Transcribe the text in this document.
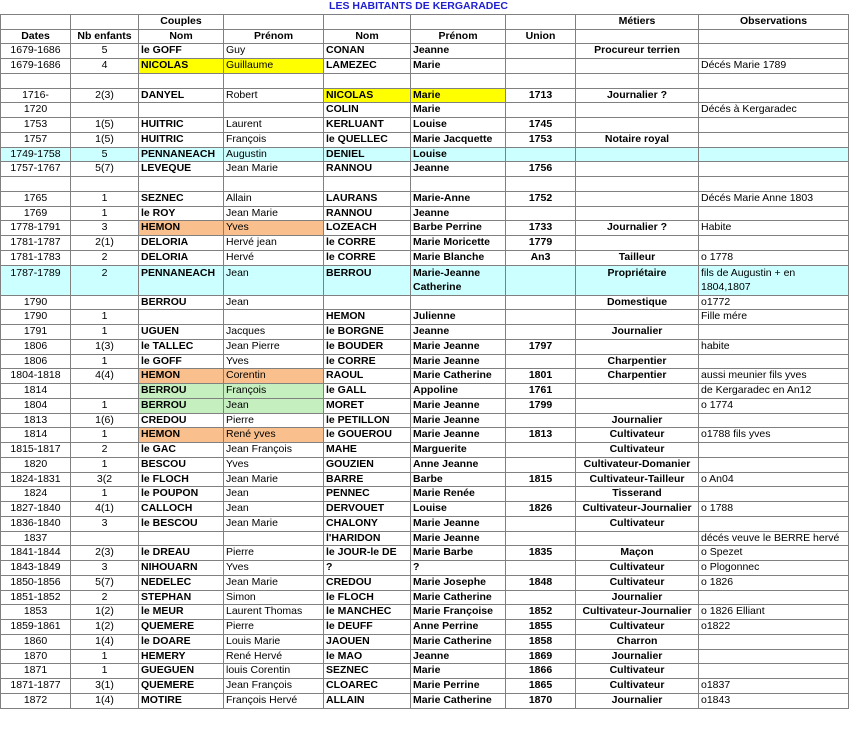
		LES HABITANTS DE KERGARADEC						
		Couples					Métiers	Observations
Dates	Nb enfants	Nom	Prénom	Nom	Prénom	Union		
1679-1686	5	le GOFF	Guy	CONAN	Jeanne		Procureur terrien	
1679-1686	4	NICOLAS	Guillaume	LAMEZEC	Marie			Décés Marie 1789

1716-	2(3)	DANYEL	Robert	NICOLAS	Marie	1713	Journalier ?	
1720				COLIN	Marie			Décés à Kergaradec
1753	1(5)	HUITRIC	Laurent	KERLUANT	Louise	1745		
1757	1(5)	HUITRIC	François	le QUELLEC	Marie Jacquette	1753	Notaire royal	
1749-1758	5	PENNANEACH	Augustin	DENIEL	Louise			
1757-1767	5(7)	LEVEQUE	Jean Marie	RANNOU	Jeanne	1756		

1765	1	SEZNEC	Allain	LAURANS	Marie-Anne	1752		Décés Marie Anne 1803
1769	1	le ROY	Jean Marie	RANNOU	Jeanne			
1778-1791	3	HEMON	Yves	LOZEACH	Barbe Perrine	1733	Journalier ?	Habite
1781-1787	2(1)	DELORIA	Hervé jean	le CORRE	Marie Moricette	1779		
1781-1783	2	DELORIA	Hervé	le CORRE	Marie Blanche	An3	Tailleur	o 1778
1787-1789	2	PENNANEACH	Jean	BERROU	Marie-Jeanne Catherine		Propriétaire	fils de Augustin + en 1804,1807
1790		BERROU	Jean				Domestique	o1772
1790	1			HEMON	Julienne			Fille mére
1791	1	UGUEN	Jacques	le BORGNE	Jeanne		Journalier	
1806	1(3)	le TALLEC	Jean Pierre	le BOUDER	Marie Jeanne	1797		habite
1806	1	le GOFF	Yves	le CORRE	Marie Jeanne		Charpentier	
1804-1818	4(4)	HEMON	Corentin	RAOUL	Marie Catherine	1801	Charpentier	aussi meunier fils yves
1814		BERROU	François	le GALL	Appoline	1761		de Kergaradec en An12
1804	1	BERROU	Jean	MORET	Marie Jeanne	1799		o 1774
1813	1(6)	CREDOU	Pierre	le PETILLON	Marie Jeanne		Journalier	
1814	1	HEMON	René yves	le GOUEROU	Marie Jeanne	1813	Cultivateur	o1788 fils yves
1815-1817	2	le GAC	Jean François	MAHE	Marguerite		Cultivateur	
1820	1	BESCOU	Yves	GOUZIEN	Anne Jeanne		Cultivateur-Domanier	
1824-1831	3(2	le FLOCH	Jean Marie	BARRE	Barbe	1815	Cultivateur-Tailleur	o An04
1824	1	le POUPON	Jean	PENNEC	Marie Renée		Tisserand	
1827-1840	4(1)	CALLOCH	Jean	DERVOUET	Louise	1826	Cultivateur-Journalier	o 1788
1836-1840	3	le BESCOU	Jean Marie	CHALONY	Marie Jeanne		Cultivateur	
1837				l'HARIDON	Marie Jeanne			décés veuve le BERRE hervé
1841-1844	2(3)	le DREAU	Pierre	le JOUR-le DE	Marie Barbe	1835	Maçon	o Spezet
1843-1849	3	NIHOUARN	Yves	?	?		Cultivateur	o Plogonnec
1850-1856	5(7)	NEDELEC	Jean Marie	CREDOU	Marie Josephe	1848	Cultivateur	o 1826
1851-1852	2	STEPHAN	Simon	le FLOCH	Marie Catherine		Journalier	
1853	1(2)	le MEUR	Laurent Thomas	le MANCHEC	Marie Françoise	1852	Cultivateur-Journalier	o 1826 Elliant
1859-1861	1(2)	QUEMERE	Pierre	le DEUFF	Anne Perrine	1855	Cultivateur	o1822
1860	1(4)	le DOARE	Louis Marie	JAOUEN	Marie Catherine	1858	Charron	
1870	1	HEMERY	René Hervé	le MAO	Jeanne	1869	Journalier	
1871	1	GUEGUEN	louis Corentin	SEZNEC	Marie	1866	Cultivateur	
1871-1877	3(1)	QUEMERE	Jean François	CLOAREC	Marie Perrine	1865	Cultivateur	o1837
1872	1(4)	MOTIRE	François Hervé	ALLAIN	Marie Catherine	1870	Journalier	o1843
